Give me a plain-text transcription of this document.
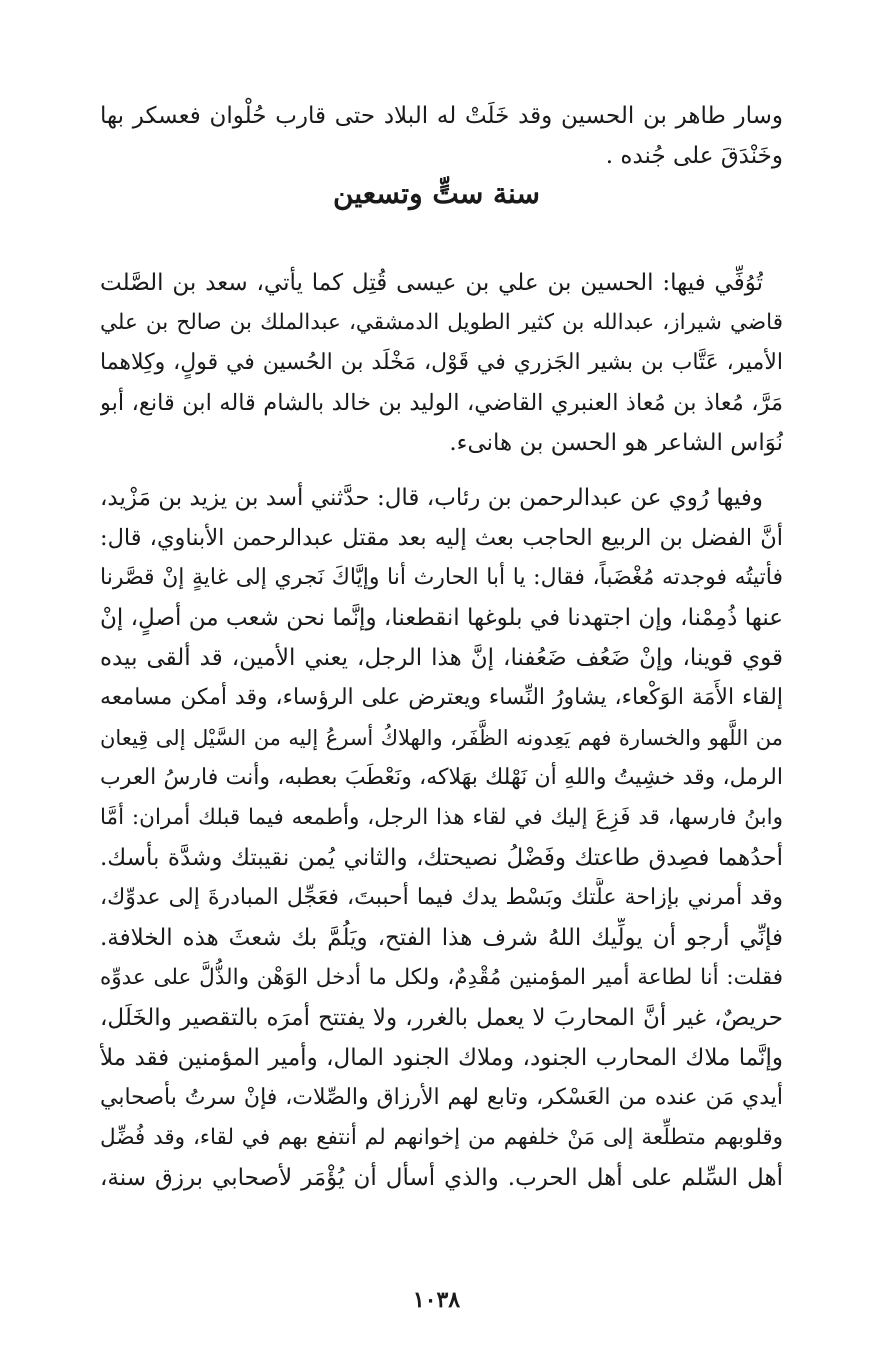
وسار طاهر بن الحسين وقد خَلَتْ له البلاد حتى قارب حُلْوان فعسكر بها
وخَنْدَقَ على جُنده .
سنة ستٍّ وتسعين
تُوُفِّي فيها: الحسين بن علي بن عيسى قُتِل كما يأتي، سعد بن الصَّلت
قاضي شيراز، عبدالله بن كثير الطويل الدمشقي، عبدالملك بن صالح بن علي
الأمير، عَتَّاب بن بشير الجَزري في قَوْل، مَخْلَد بن الحُسين في قولٍ، وكِلاهما
مَرَّ، مُعاذ بن مُعاذ العنبري القاضي، الوليد بن خالد بالشام قاله ابن قانع، أبو
نُوَاس الشاعر هو الحسن بن هانىء.
وفيها رُوي عن عبدالرحمن بن رئاب، قال: حدَّثني أسد بن يزيد بن مَزْيد،
أنَّ الفضل بن الربيع الحاجب بعث إليه بعد مقتل عبدالرحمن الأبناوي، قال:
فأتيتُه فوجدته مُغْضَباً، فقال: يا أبا الحارث أنا وإيَّاكَ نَجري إلى غايةٍ إنْ قصَّرنا
عنها ذُمِمْنا، وإن اجتهدنا في بلوغها انقطعنا، وإنَّما نحن شعب من أصلٍ، إنْ
قوي قوينا، وإنْ ضَعُف ضَعُفنا، إنَّ هذا الرجل، يعني الأمين، قد ألقى بيده
إلقاء الأَمَة الوَكْعاء، يشاورُ النِّساء ويعترض على الرؤساء، وقد أمكن مسامعه
من اللَّهو والخسارة فهم يَعِدونه الظَّفَر، والهلاكُ أسرعُ إليه من السَّيْل إلى قِيعان
الرمل، وقد خشِيتُ واللهِ أن نَهْلك بهَلاكه، ونَعْطَبَ بعطبه، وأنت فارسُ العرب
وابنُ فارسها، قد فَزِعَ إليك في لقاء هذا الرجل، وأطمعه فيما قبلك أمران: أمَّا
أحدُهما فصِدق طاعتك وفَضْلُ نصيحتك، والثاني يُمن نقيبتك وشدَّة بأسك.
وقد أمرني بإزاحة علَّتك وبَسْط يدك فيما أحببتَ، فعَجِّل المبادرةَ إلى عدوِّك،
فإنِّي أرجو أن يولِّيك اللهُ شرف هذا الفتح، ويَلُمَّ بك شعثَ هذه الخلافة.
فقلت: أنا لطاعة أمير المؤمنين مُقْدِمٌ، ولكل ما أدخل الوَهْن والذُّلَّ على عدوِّه
حريصٌ، غير أنَّ المحاربَ لا يعمل بالغرر، ولا يفتتح أمرَه بالتقصير والخَلَل،
وإنَّما ملاك المحارب الجنود، وملاك الجنود المال، وأمير المؤمنين فقد ملأ
أيدي مَن عنده من العَسْكر، وتابع لهم الأرزاق والصِّلات، فإنْ سرتُ بأصحابي
وقلوبهم متطلِّعة إلى مَنْ خلفهم من إخوانهم لم أنتفع بهم في لقاء، وقد فُضِّل
أهل السِّلم على أهل الحرب. والذي أسأل أن يُؤْمَر لأصحابي برزق سنة،
١٠٣٨
